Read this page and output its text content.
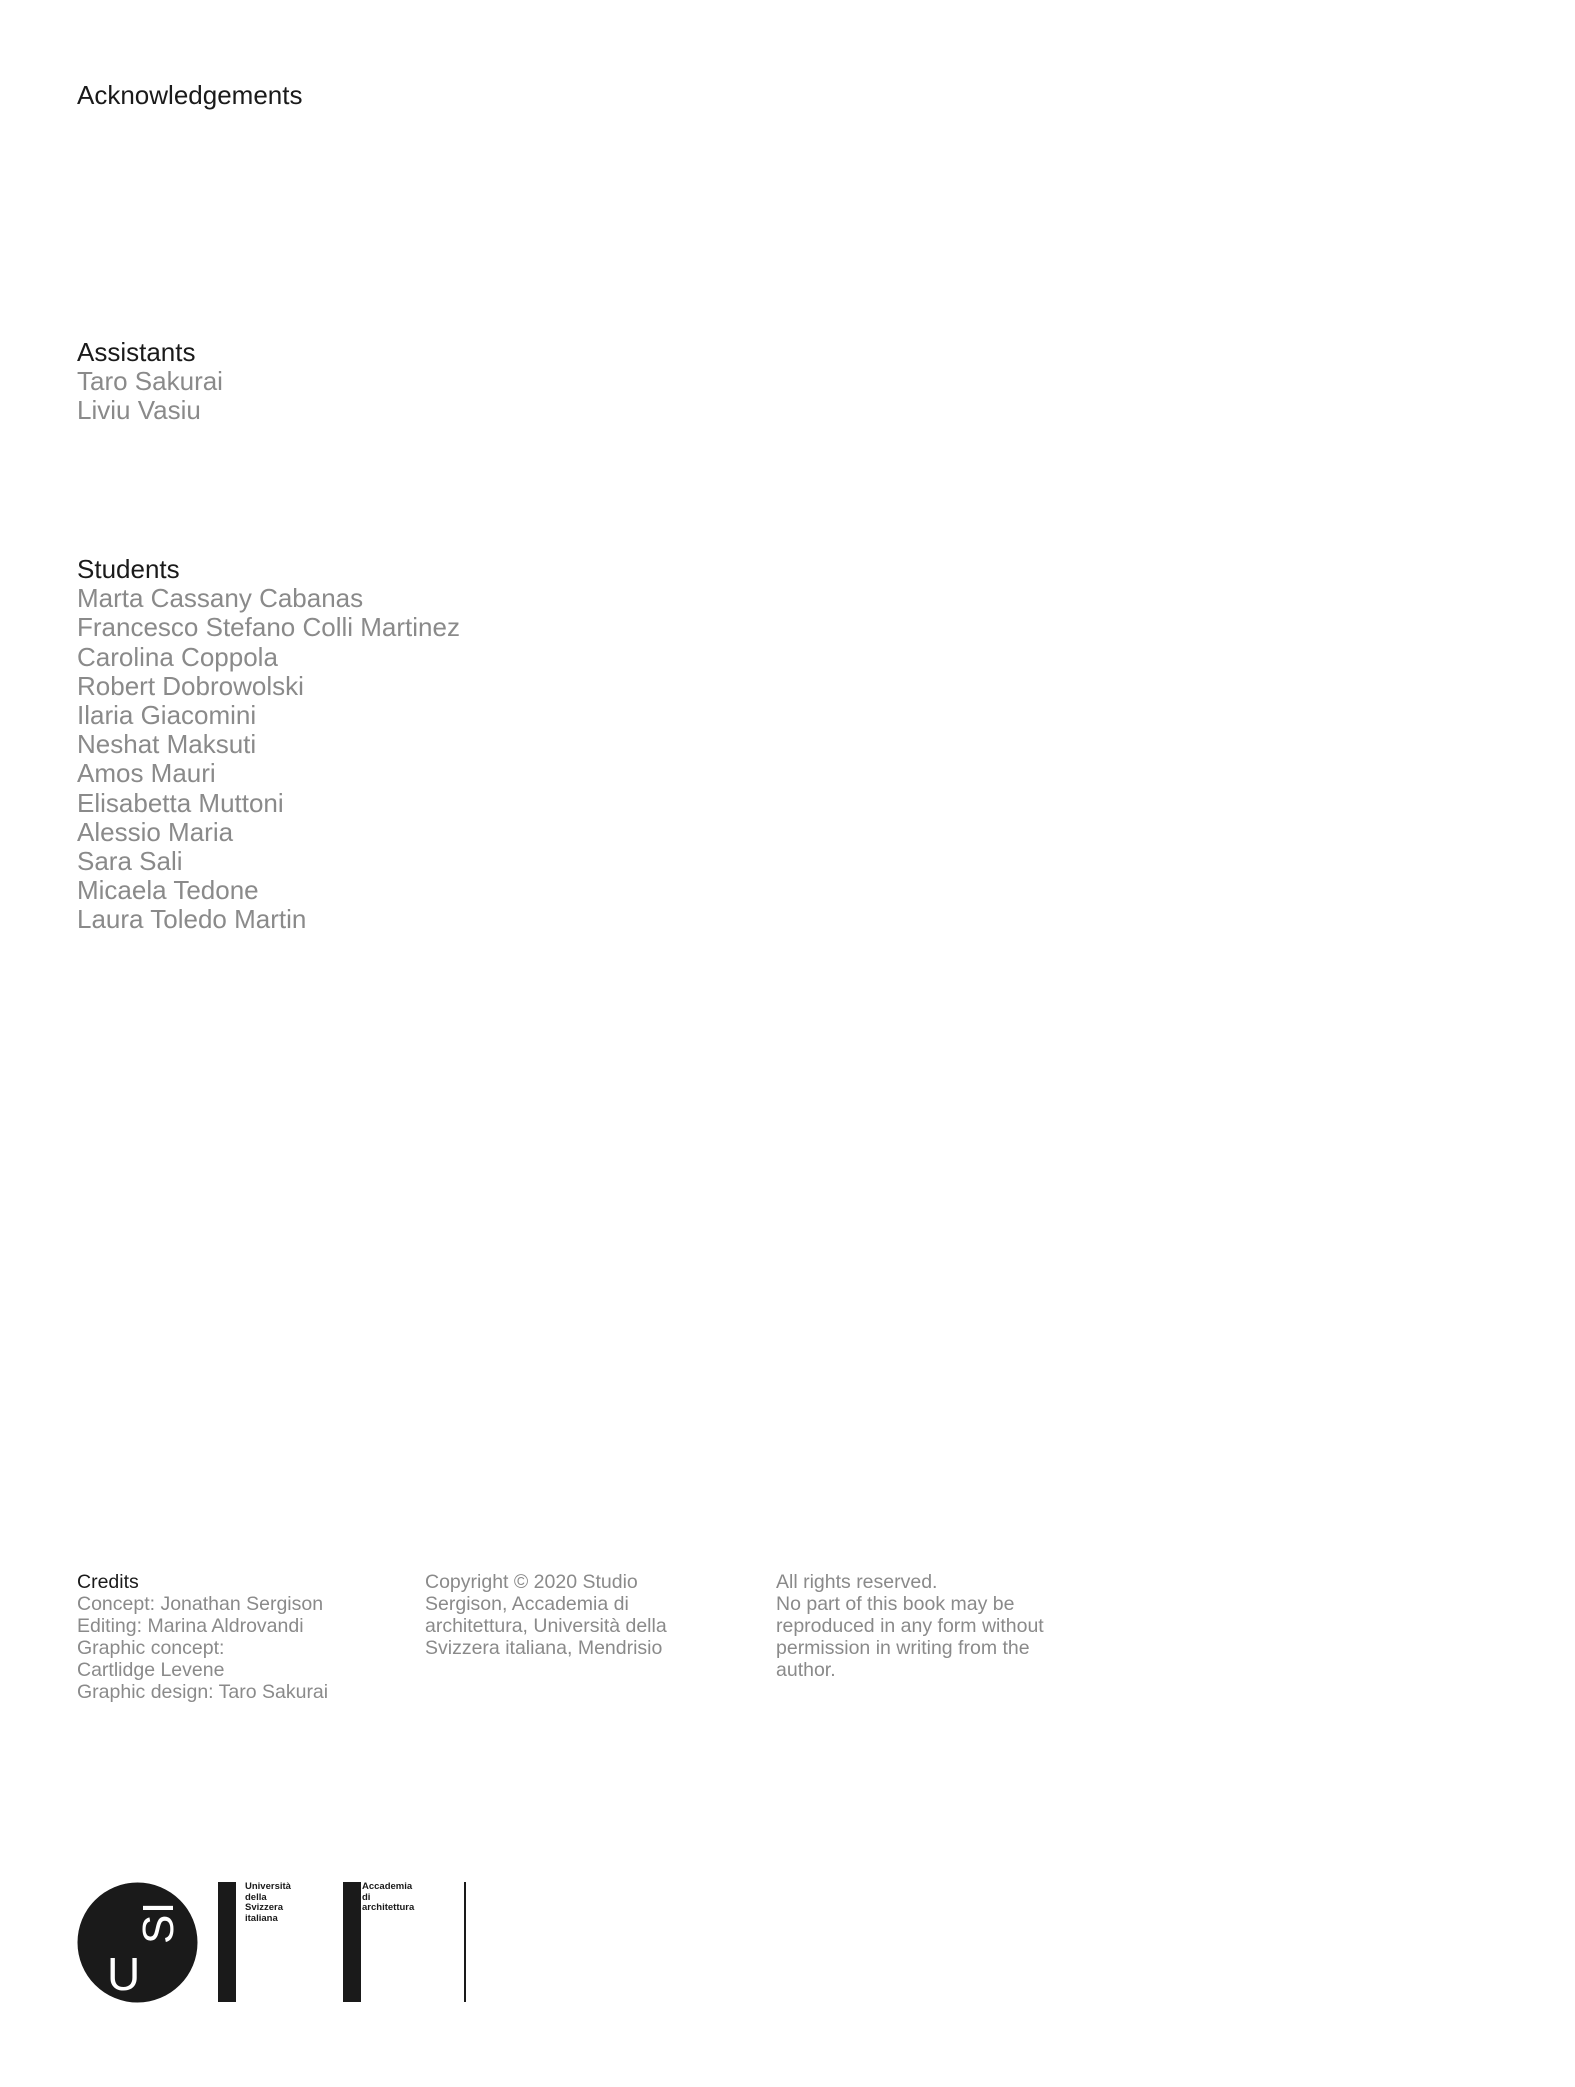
Acknowledgements
Assistants
Taro Sakurai
Liviu Vasiu
Students
Marta Cassany Cabanas
Francesco Stefano Colli Martinez
Carolina Coppola
Robert Dobrowolski
Ilaria Giacomini
Neshat Maksuti
Amos Mauri
Elisabetta Muttoni
Alessio Maria
Sara Sali
Micaela Tedone
Laura Toledo Martin
Credits
Concept: Jonathan Sergison
Editing: Marina Aldrovandi
Graphic concept:
Cartlidge Levene
Graphic design: Taro Sakurai
Copyright © 2020 Studio
Sergison, Accademia di
architettura, Università della
Svizzera italiana, Mendrisio
All rights reserved.
No part of this book may be
reproduced in any form without
permission in writing from the
author.
U
S
I
Università
della
Svizzera
italiana
Accademia
di
architettura
